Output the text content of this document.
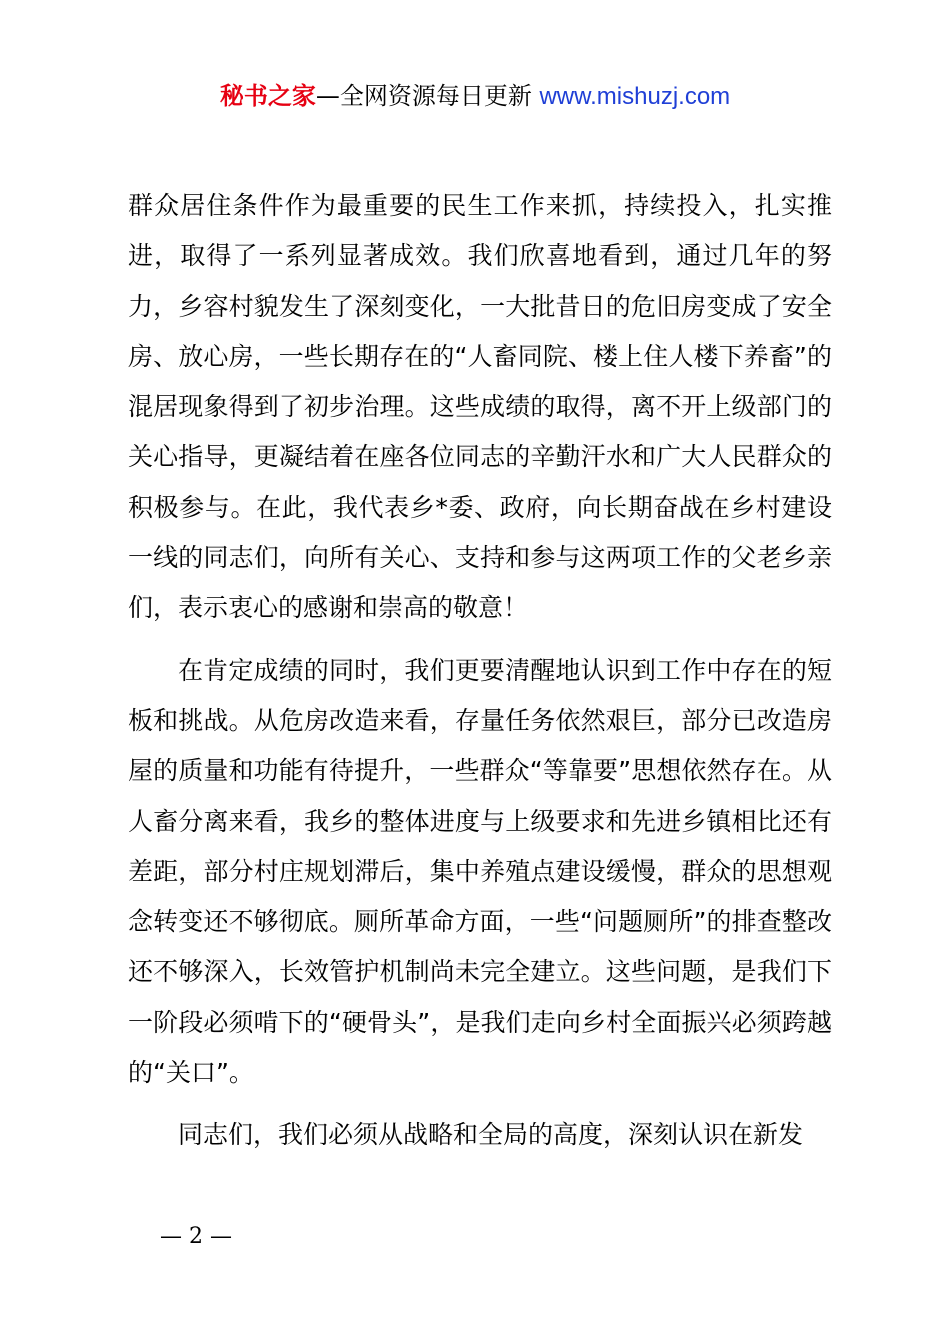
秘书之家—全网资源每日更新 www.mishuzj.com

群众居住条件作为最重要的民生工作来抓，持续投入，扎实推进，取得了一系列显著成效。我们欣喜地看到，通过几年的努力，乡容村貌发生了深刻变化，一大批昔日的危旧房变成了安全房、放心房，一些长期存在的“人畜同院、楼上住人楼下养畜”的混居现象得到了初步治理。这些成绩的取得，离不开上级部门的关心指导，更凝结着在座各位同志的辛勤汗水和广大人民群众的积极参与。在此，我代表乡*委、政府，向长期奋战在乡村建设一线的同志们，向所有关心、支持和参与这两项工作的父老乡亲们，表示衷心的感谢和崇高的敬意！

在肯定成绩的同时，我们更要清醒地认识到工作中存在的短板和挑战。从危房改造来看，存量任务依然艰巨，部分已改造房屋的质量和功能有待提升，一些群众“等靠要”思想依然存在。从人畜分离来看，我乡的整体进度与上级要求和先进乡镇相比还有差距，部分村庄规划滞后，集中养殖点建设缓慢，群众的思想观念转变还不够彻底。厕所革命方面，一些“问题厕所”的排查整改还不够深入，长效管护机制尚未完全建立。这些问题，是我们下一阶段必须啃下的“硬骨头”，是我们走向乡村全面振兴必须跨越的“关口”。

同志们，我们必须从战略和全局的高度，深刻认识在新发

— 2 —
